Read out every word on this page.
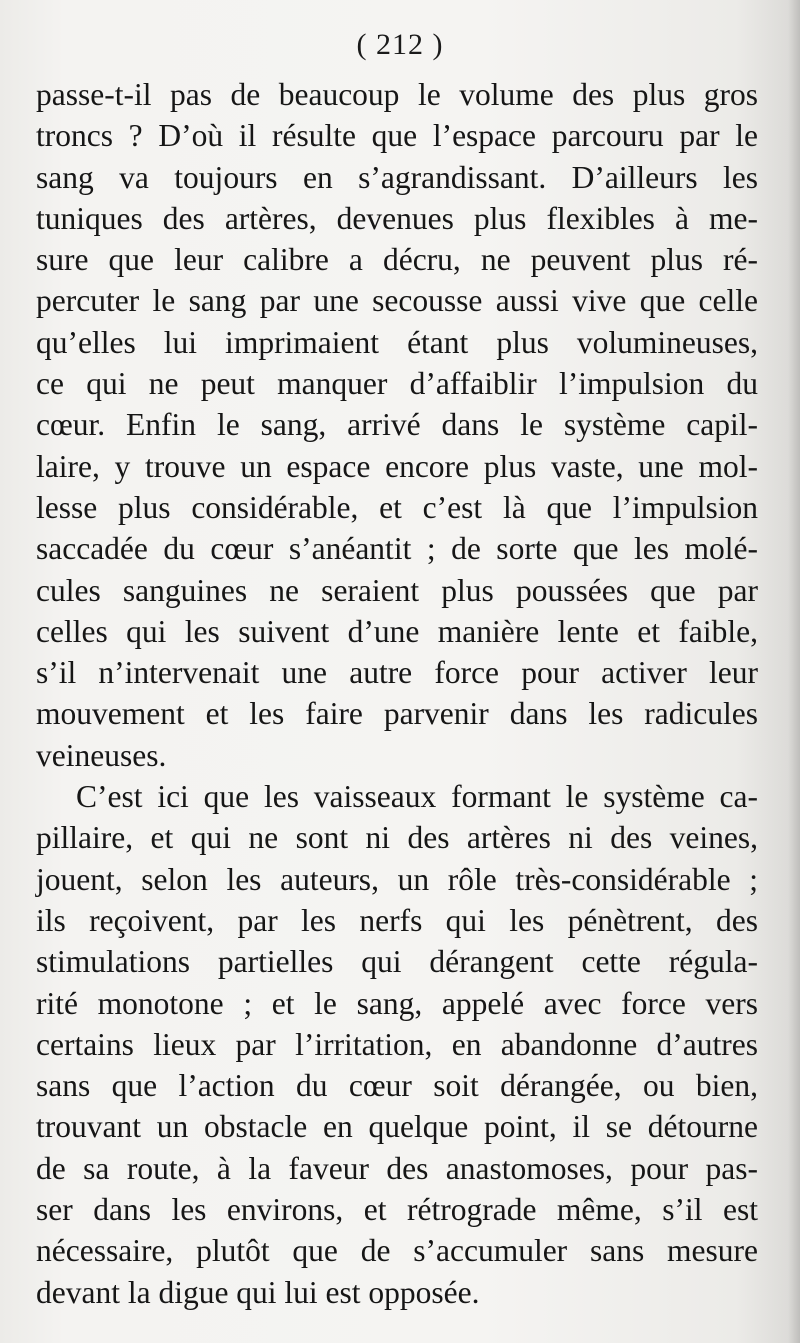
( 212 )
passe-t-il pas de beaucoup le volume des plus gros
troncs ? D’où il résulte que l’espace parcouru par le
sang va toujours en s’agrandissant. D’ailleurs les
tuniques des artères, devenues plus flexibles à me-
sure que leur calibre a décru, ne peuvent plus ré-
percuter le sang par une secousse aussi vive que celle
qu’elles lui imprimaient étant plus volumineuses,
ce qui ne peut manquer d’affaiblir l’impulsion du
cœur. Enfin le sang, arrivé dans le système capil-
laire, y trouve un espace encore plus vaste, une mol-
lesse plus considérable, et c’est là que l’impulsion
saccadée du cœur s’anéantit ; de sorte que les molé-
cules sanguines ne seraient plus poussées que par
celles qui les suivent d’une manière lente et faible,
s’il n’intervenait une autre force pour activer leur
mouvement et les faire parvenir dans les radicules
veineuses.
C’est ici que les vaisseaux formant le système ca-
pillaire, et qui ne sont ni des artères ni des veines,
jouent, selon les auteurs, un rôle très-considérable ;
ils reçoivent, par les nerfs qui les pénètrent, des
stimulations partielles qui dérangent cette régula-
rité monotone ; et le sang, appelé avec force vers
certains lieux par l’irritation, en abandonne d’autres
sans que l’action du cœur soit dérangée, ou bien,
trouvant un obstacle en quelque point, il se détourne
de sa route, à la faveur des anastomoses, pour pas-
ser dans les environs, et rétrograde même, s’il est
nécessaire, plutôt que de s’accumuler sans mesure
devant la digue qui lui est opposée.
